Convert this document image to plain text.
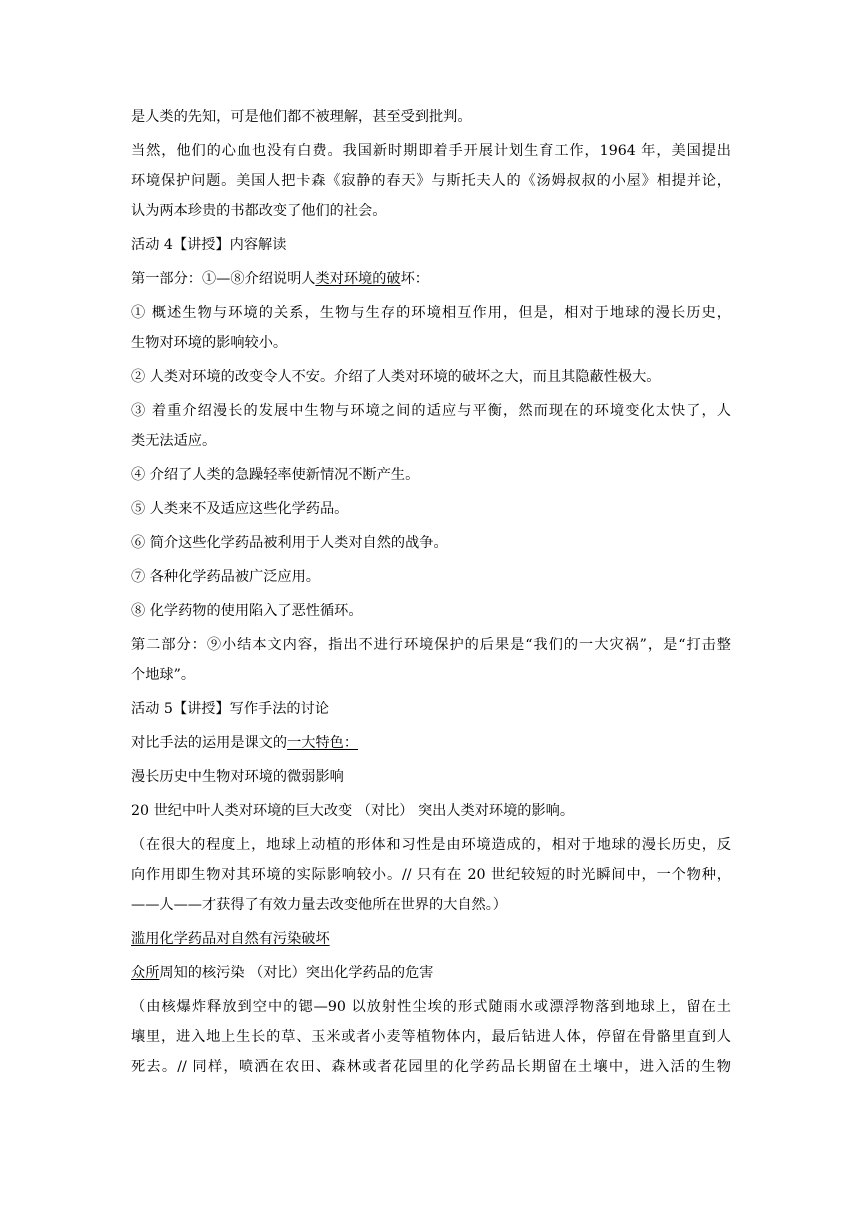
是人类的先知，可是他们都不被理解，甚至受到批判。

当然，他们的心血也没有白费。我国新时期即着手开展计划生育工作，1964 年，美国提出

环境保护问题。美国人把卡森《寂静的春天》与斯托夫人的《汤姆叔叔的小屋》相提并论，

认为两本珍贵的书都改变了他们的社会。

活动 4【讲授】内容解读

第一部分：①—⑧介绍说明人类对环境的破坏：

① 概述生物与环境的关系，生物与生存的环境相互作用，但是，相对于地球的漫长历史，

生物对环境的影响较小。

② 人类对环境的改变令人不安。介绍了人类对环境的破坏之大，而且其隐蔽性极大。

③ 着重介绍漫长的发展中生物与环境之间的适应与平衡，然而现在的环境变化太快了，人

类无法适应。

④ 介绍了人类的急躁轻率使新情况不断产生。

⑤ 人类来不及适应这些化学药品。

⑥ 简介这些化学药品被利用于人类对自然的战争。

⑦ 各种化学药品被广泛应用。

⑧ 化学药物的使用陷入了恶性循环。

第二部分：⑨小结本文内容，指出不进行环境保护的后果是“我们的一大灾祸”，是“打击整

个地球”。

活动 5【讲授】写作手法的讨论

对比手法的运用是课文的一大特色：

漫长历史中生物对环境的微弱影响

20 世纪中叶人类对环境的巨大改变 （对比） 突出人类对环境的影响。

（在很大的程度上，地球上动植的形体和习性是由环境造成的，相对于地球的漫长历史，反

向作用即生物对其环境的实际影响较小。// 只有在 20 世纪较短的时光瞬间中，一个物种，

——人——才获得了有效力量去改变他所在世界的大自然。）

滥用化学药品对自然有污染破坏

众所周知的核污染 （对比）突出化学药品的危害

（由核爆炸释放到空中的锶—90 以放射性尘埃的形式随雨水或漂浮物落到地球上，留在土

壤里，进入地上生长的草、玉米或者小麦等植物体内，最后钻进人体，停留在骨骼里直到人

死去。// 同样，喷洒在农田、森林或者花园里的化学药品长期留在土壤中，进入活的生物
